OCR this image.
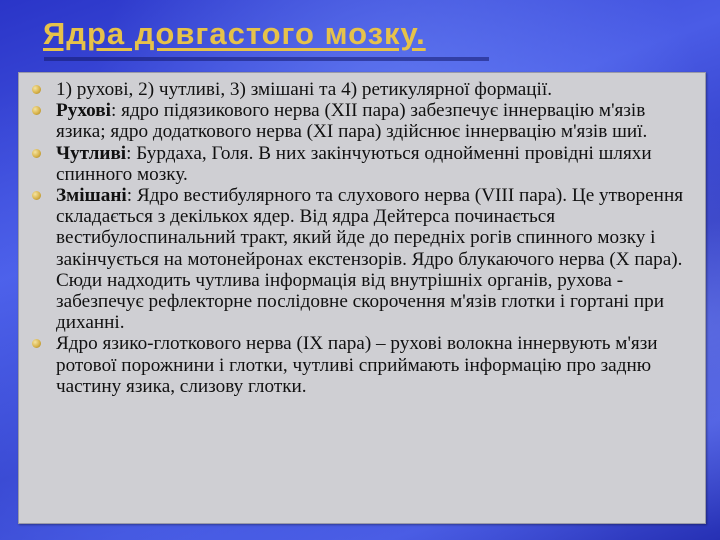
Ядра довгастого мозку.
1) рухові, 2) чутливі, 3) змішані та 4) ретикулярної формації.
Рухові: ядро підязикового нерва (XII пара) забезпечує іннервацію м'язів язика; ядро додаткового нерва (XI пара) здійснює іннервацію м'язів шиї.
Чутливі: Бурдаха, Голя. В них закінчуються однойменні провідні шляхи спинного мозку.
Змішані: Ядро вестибулярного та слухового нерва (VIII пара). Це утворення складається з декількох ядер. Від ядра Дейтерса починається вестибулоспинальний тракт, який йде до передніх рогів спинного мозку і закінчується на мотонейронах екстензорів. Ядро блукаючого нерва (X пара). Сюди надходить чутлива інформація від внутрішніх органів, рухова - забезпечує рефлекторне послідовне скорочення м'язів глотки і гортані при диханні.
Ядро язико-глоткового нерва (IX пара) – рухові волокна іннервують м'язи ротової порожнини і глотки, чутливі сприймають інформацію про задню частину язика, слизову глотки.
